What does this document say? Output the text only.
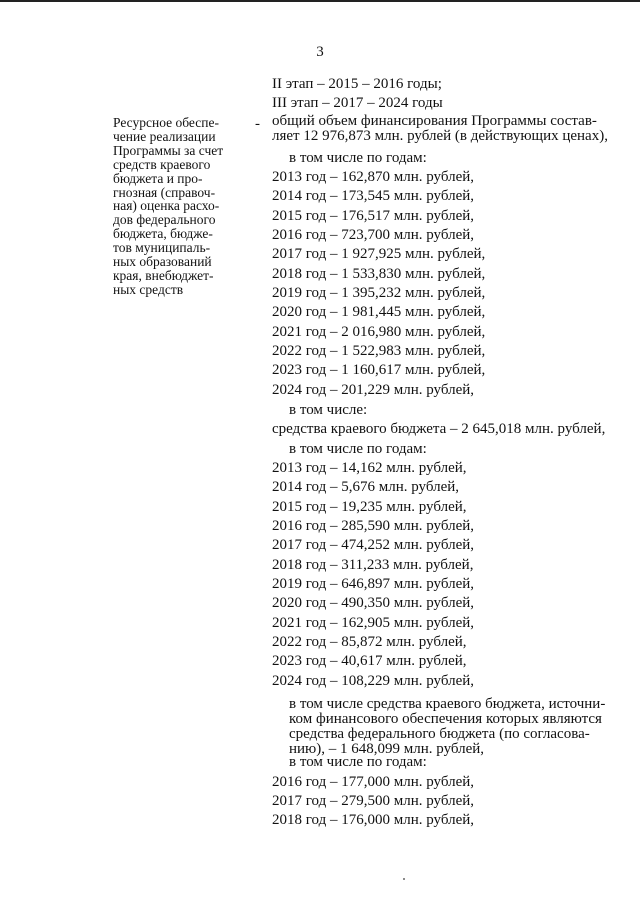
3
II этап – 2015 – 2016 годы;
III этап – 2017 – 2024 годы
Ресурсное обеспе-
чение реализации
Программы за счет
средств краевого
бюджета и про-
гнозная (справоч-
ная) оценка расхо-
дов федерального
бюджета, бюдже-
тов муниципаль-
ных образований
края, внебюджет-
ных средств
- общий объем финансирования Программы состав-
ляет 12 976,873 млн. рублей (в действующих ценах),
в том числе по годам:
2013 год – 162,870 млн. рублей,
2014 год – 173,545 млн. рублей,
2015 год – 176,517 млн. рублей,
2016 год – 723,700 млн. рублей,
2017 год – 1 927,925 млн. рублей,
2018 год – 1 533,830 млн. рублей,
2019 год – 1 395,232 млн. рублей,
2020 год – 1 981,445 млн. рублей,
2021 год – 2 016,980 млн. рублей,
2022 год – 1 522,983 млн. рублей,
2023 год – 1 160,617 млн. рублей,
2024 год – 201,229 млн. рублей,
в том числе:
средства краевого бюджета – 2 645,018 млн. рублей,
в том числе по годам:
2013 год – 14,162 млн. рублей,
2014 год – 5,676 млн. рублей,
2015 год – 19,235 млн. рублей,
2016 год – 285,590 млн. рублей,
2017 год – 474,252 млн. рублей,
2018 год – 311,233 млн. рублей,
2019 год – 646,897 млн. рублей,
2020 год – 490,350 млн. рублей,
2021 год – 162,905 млн. рублей,
2022 год – 85,872 млн. рублей,
2023 год – 40,617 млн. рублей,
2024 год – 108,229 млн. рублей,
в том числе средства краевого бюджета, источни-
ком финансового обеспечения которых являются
средства федерального бюджета (по согласова-
нию), – 1 648,099 млн. рублей,
в том числе по годам:
2016 год – 177,000 млн. рублей,
2017 год – 279,500 млн. рублей,
2018 год – 176,000 млн. рублей,
